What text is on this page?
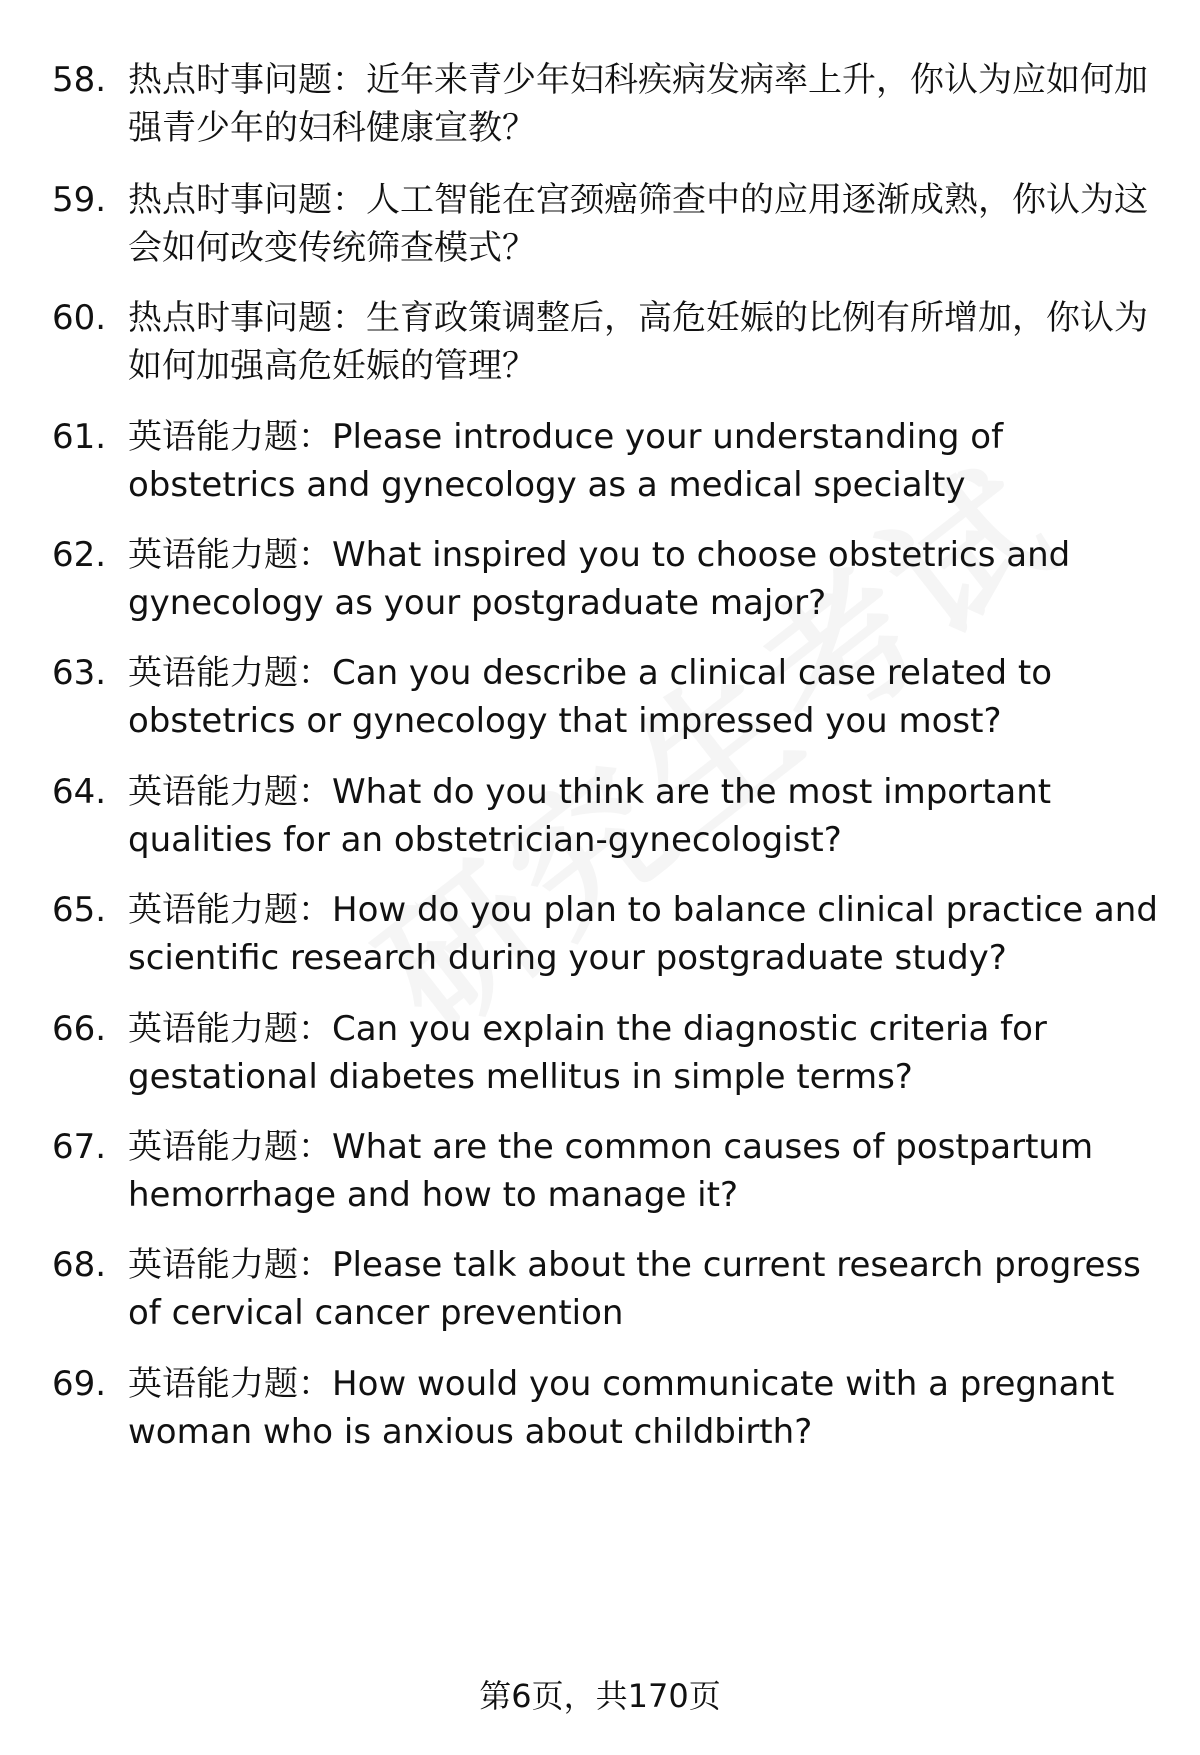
58. 热点时事问题：近年来青少年妇科疾病发病率上升，你认为应如何加强青少年的妇科健康宣教？
59. 热点时事问题：人工智能在宫颈癌筛查中的应用逐渐成熟，你认为这会如何改变传统筛查模式？
60. 热点时事问题：生育政策调整后，高危妊娠的比例有所增加，你认为如何加强高危妊娠的管理？
61. 英语能力题：Please introduce your understanding of obstetrics and gynecology as a medical specialty
62. 英语能力题：What inspired you to choose obstetrics and gynecology as your postgraduate major?
63. 英语能力题：Can you describe a clinical case related to obstetrics or gynecology that impressed you most?
64. 英语能力题：What do you think are the most important qualities for an obstetrician-gynecologist?
65. 英语能力题：How do you plan to balance clinical practice and scientific research during your postgraduate study?
66. 英语能力题：Can you explain the diagnostic criteria for gestational diabetes mellitus in simple terms?
67. 英语能力题：What are the common causes of postpartum hemorrhage and how to manage it?
68. 英语能力题：Please talk about the current research progress of cervical cancer prevention
69. 英语能力题：How would you communicate with a pregnant woman who is anxious about childbirth?
第6页，共170页
